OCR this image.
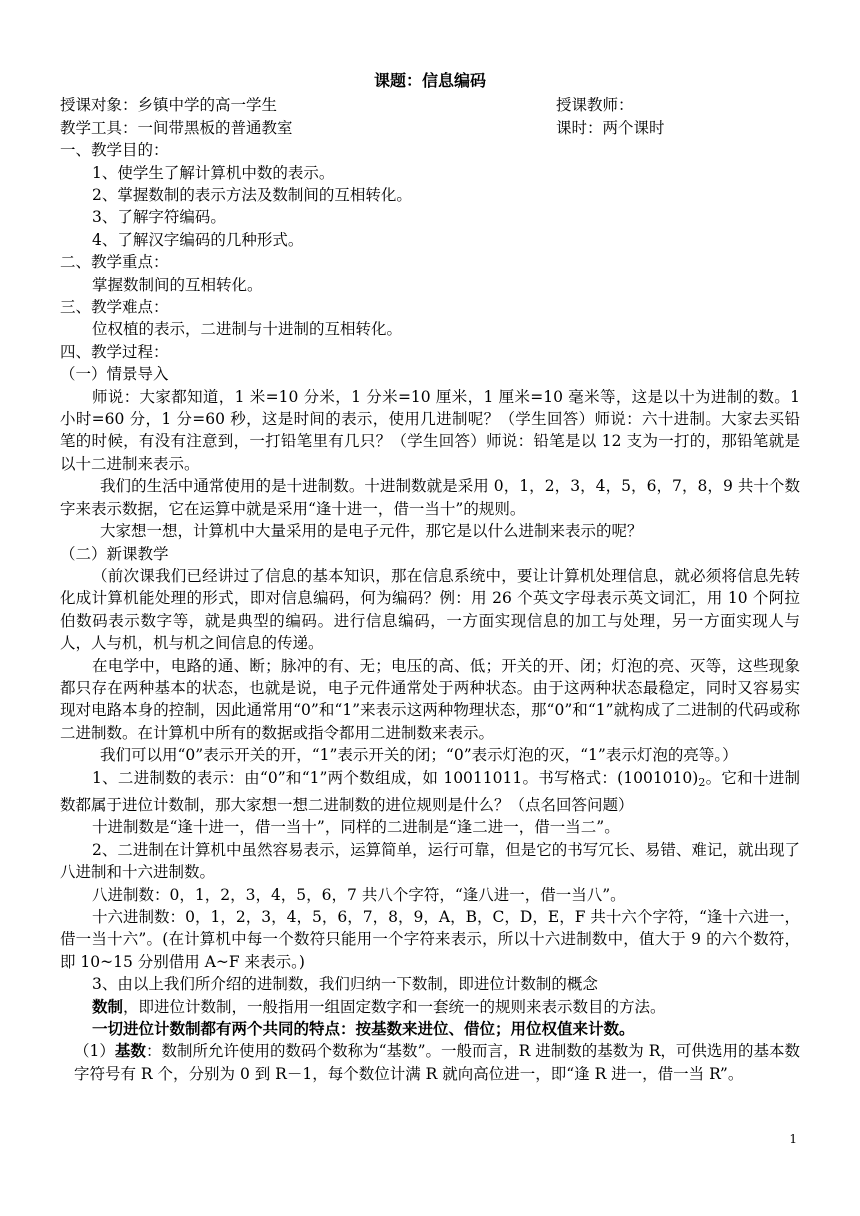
课题：信息编码
授课对象：乡镇中学的高一学生	授课教师：
教学工具：一间带黑板的普通教室	课时：两个课时

一、教学目的：

1、使学生了解计算机中数的表示。

2、掌握数制的表示方法及数制间的互相转化。

3、了解字符编码。

4、了解汉字编码的几种形式。

二、教学重点：

掌握数制间的互相转化。

三、教学难点：

位权植的表示，二进制与十进制的互相转化。

四、教学过程：

（一）情景导入

师说：大家都知道，1 米=10 分米，1 分米=10 厘米，1 厘米=10 毫米等，这是以十为进制的数。1 小时=60 分，1 分=60 秒，这是时间的表示，使用几进制呢？（学生回答）师说：六十进制。大家去买铅笔的时候，有没有注意到，一打铅笔里有几只？（学生回答）师说：铅笔是以 12 支为一打的，那铅笔就是以十二进制来表示。

我们的生活中通常使用的是十进制数。十进制数就是采用 0，1，2，3，4，5，6，7，8，9 共十个数字来表示数据，它在运算中就是采用“逢十进一，借一当十”的规则。

大家想一想，计算机中大量采用的是电子元件，那它是以什么进制来表示的呢？

（二）新课教学

（前次课我们已经讲过了信息的基本知识，那在信息系统中，要让计算机处理信息，就必须将信息先转化成计算机能处理的形式，即对信息编码，何为编码？例：用 26 个英文字母表示英文词汇，用 10 个阿拉伯数码表示数字等，就是典型的编码。进行信息编码，一方面实现信息的加工与处理，另一方面实现人与人，人与机，机与机之间信息的传递。

在电学中，电路的通、断；脉冲的有、无；电压的高、低；开关的开、闭；灯泡的亮、灭等，这些现象都只存在两种基本的状态，也就是说，电子元件通常处于两种状态。由于这两种状态最稳定，同时又容易实现对电路本身的控制，因此通常用“0”和“1”来表示这两种物理状态，那“0”和“1”就构成了二进制的代码或称二进制数。在计算机中所有的数据或指令都用二进制数来表示。

我们可以用“0”表示开关的开，“1”表示开关的闭；“0”表示灯泡的灭，“1”表示灯泡的亮等。）

1、二进制数的表示：由“0”和“1”两个数组成，如 10011011。书写格式：$(1001010)_2$。它和十进制数都属于进位计数制，那大家想一想二进制数的进位规则是什么？（点名回答问题）

十进制数是“逢十进一，借一当十”，同样的二进制是“逢二进一，借一当二”。

2、二进制在计算机中虽然容易表示，运算简单，运行可靠，但是它的书写冗长、易错、难记，就出现了八进制和十六进制数。

八进制数：0，1，2，3，4，5，6，7 共八个字符，“逢八进一，借一当八”。

十六进制数：0，1，2，3，4，5，6，7，8，9，A，B，C，D，E，F 共十六个字符，“逢十六进一，借一当十六”。(在计算机中每一个数符只能用一个字符来表示，所以十六进制数中，值大于 9 的六个数符，即 10~15 分别借用 A~F 来表示。)

3、由以上我们所介绍的进制数，我们归纳一下数制，即进位计数制的概念

数制，即进位计数制，一般指用一组固定数字和一套统一的规则来表示数目的方法。

一切进位计数制都有两个共同的特点：按基数来进位、借位；用位权值来计数。

（1）基数：数制所允许使用的数码个数称为“基数”。一般而言，R 进制数的基数为 R，可供选用的基本数字符号有 R 个，分别为 0 到 R－1，每个数位计满 R 就向高位进一，即“逢 R 进一，借一当 R”。

1
